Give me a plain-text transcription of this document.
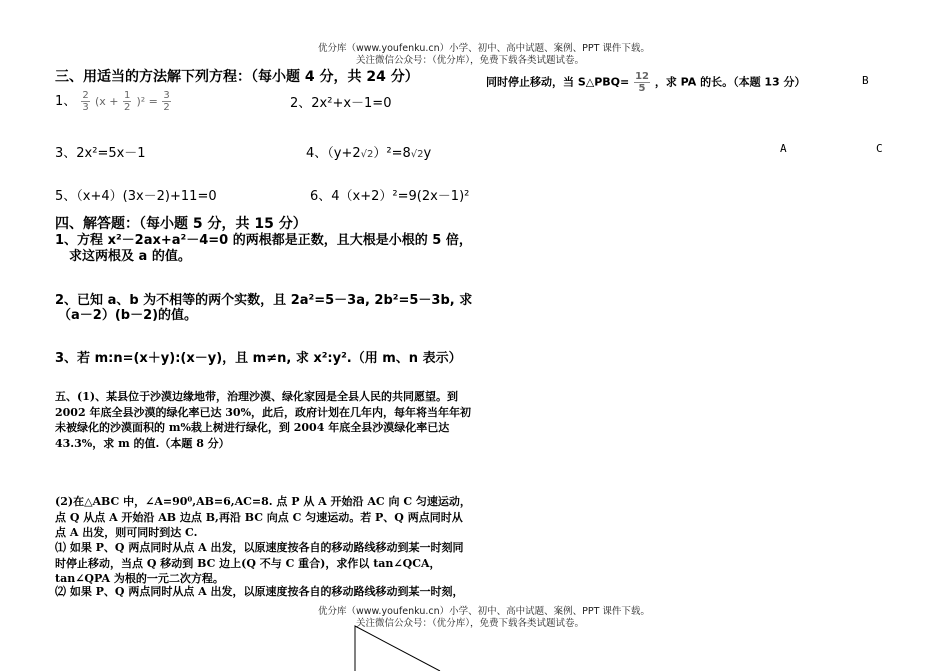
优分库（www.youfenku.cn）小学、初中、高中试题、案例、PPT 课件下载。
关注微信公众号：（优分库），免费下载各类试题试卷。
三、用适当的方法解下列方程：（每小题 4 分，共 24 分）
1、 $\frac{2}{3} (x + \frac{1}{2} )^2 = \frac{3}{2}$	2、2x²+x－1=0
3、2x²=5x－1	4、（y+2√2）²=8√2y
5、（x+4）(3x－2)+11=0	6、4（x+2）²=9(2x－1)²
四、解答题：（每小题 5 分，共 15 分）
1、方程 x²－2ax+a²－4=0 的两根都是正数，且大根是小根的 5 倍，
求这两根及 a 的值。
2、已知 a、b 为不相等的两个实数，且 2a²=5－3a, 2b²=5－3b, 求
（a－2）(b－2)的值。
3、若 m:n=(x＋y):(x－y)，且 m≠n, 求 x²:y².（用 m、n 表示）
五、(1)、某县位于沙漠边缘地带，治理沙漠、绿化家园是全县人民的共同愿望。到 2002 年底全县沙漠的绿化率已达 30%，此后，政府计划在几年内，每年将当年年初未被绿化的沙漠面积的 m%栽上树进行绿化，到 2004 年底全县沙漠绿化率已达 43.3%，求 m 的值.（本题 8 分）
(2)在△ABC 中，∠A=90⁰,AB=6,AC=8. 点 P 从 A 开始沿 AC 向 C 匀速运动，点 Q 从点 A 开始沿 AB 边点 B,再沿 BC 向点 C 匀速运动。若 P、Q 两点同时从点 A 出发，则可同时到达 C.
⑴ 如果 P、Q 两点同时从点 A 出发，以原速度按各自的移动路线移动到某一时刻同时停止移动，当点 Q 移动到 BC 边上(Q 不与 C 重合)，求作以 tan∠QCA，tan∠QPA 为根的一元二次方程。
⑵ 如果 P、Q 两点同时从点 A 出发，以原速度按各自的移动路线移动到某一时刻，
同时停止移动，当 S△PBQ= $\frac{12}{5}$ ，求 PA 的长。（本题 13 分）	B
A	C
优分库（www.youfenku.cn）小学、初中、高中试题、案例、PPT 课件下载。
关注微信公众号：（优分库），免费下载各类试题试卷。
